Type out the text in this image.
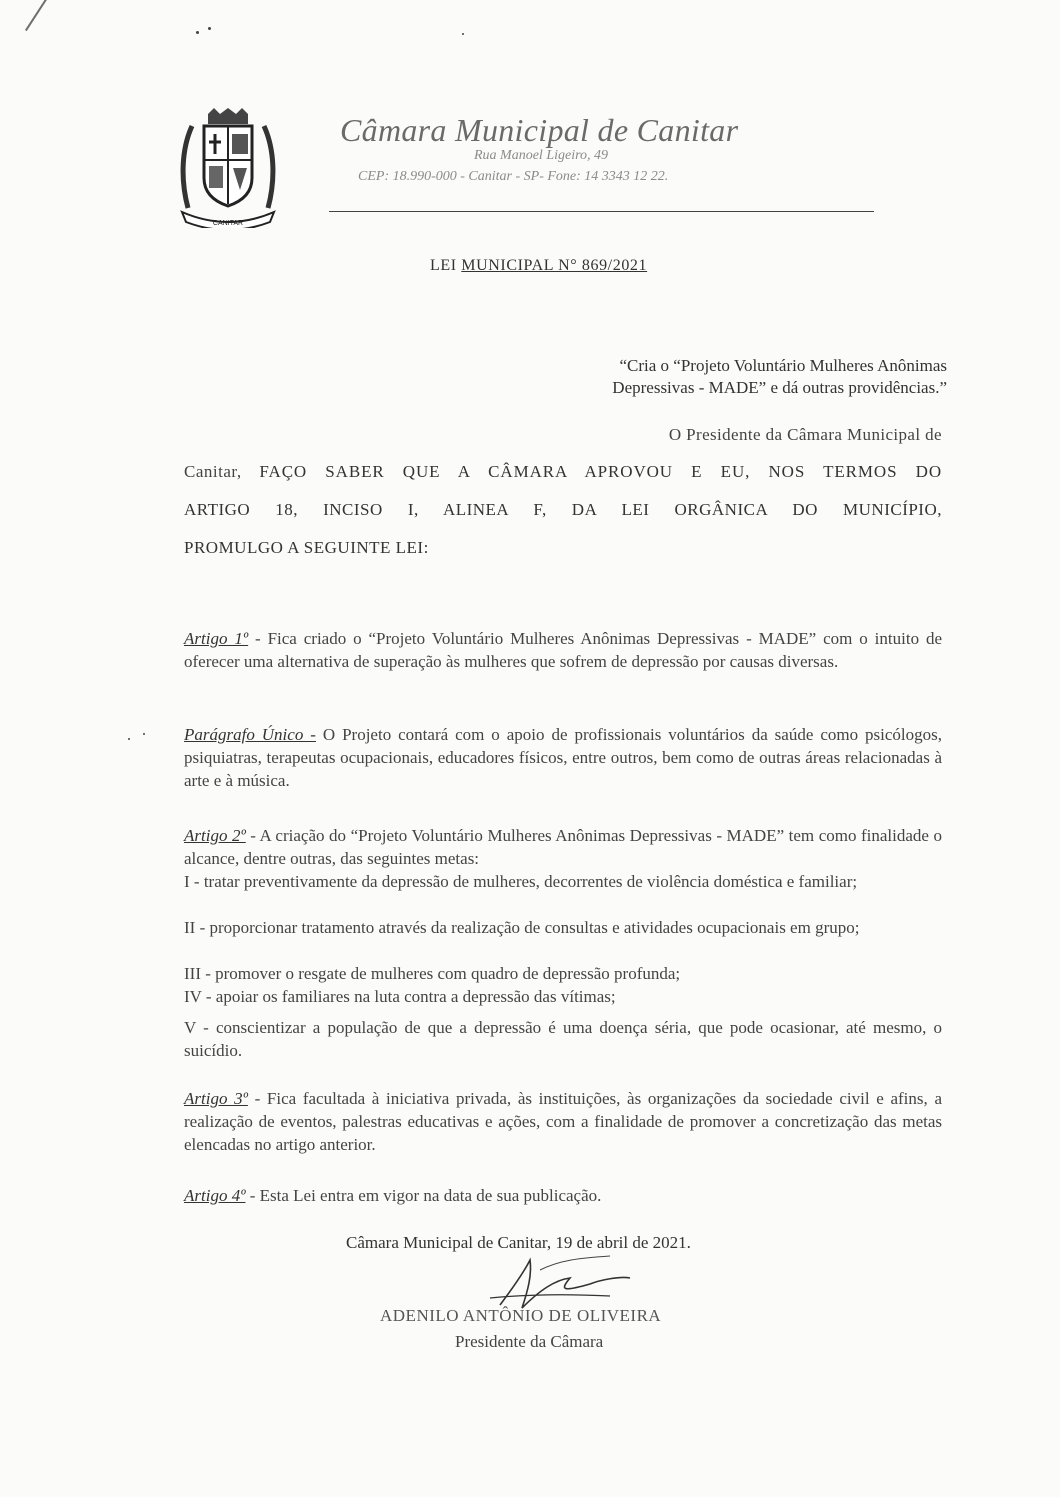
CANITAR
Câmara Municipal de Canitar
Rua Manoel Ligeiro, 49
CEP: 18.990-000 - Canitar - SP- Fone: 14 3343 12 22.
LEI MUNICIPAL N° 869/2021
“Cria o “Projeto Voluntário Mulheres Anônimas
Depressivas - MADE” e dá outras providências.”
O Presidente da Câmara Municipal de
Canitar, FAÇO SABER QUE A CÂMARA APROVOU E EU, NOS TERMOS DO
ARTIGO 18, INCISO I, ALINEA F, DA LEI ORGÂNICA DO MUNICÍPIO,
PROMULGO A SEGUINTE LEI:
Artigo 1º - Fica criado o “Projeto Voluntário Mulheres Anônimas Depressivas - MADE” com o intuito de oferecer uma alternativa de superação às mulheres que sofrem de depressão por causas diversas.
Parágrafo Único - O Projeto contará com o apoio de profissionais voluntários da saúde como psicólogos, psiquiatras, terapeutas ocupacionais, educadores físicos, entre outros, bem como de outras áreas relacionadas à arte e à música.
Artigo 2º - A criação do “Projeto Voluntário Mulheres Anônimas Depressivas - MADE” tem como finalidade o alcance, dentre outras, das seguintes metas:
I - tratar preventivamente da depressão de mulheres, decorrentes de violência doméstica e familiar;
II - proporcionar tratamento através da realização de consultas e atividades ocupacionais em grupo;
III - promover o resgate de mulheres com quadro de depressão profunda;
IV - apoiar os familiares na luta contra a depressão das vítimas;
V - conscientizar a população de que a depressão é uma doença séria, que pode ocasionar, até mesmo, o suicídio.
Artigo 3º - Fica facultada à iniciativa privada, às instituições, às organizações da sociedade civil e afins, a realização de eventos, palestras educativas e ações, com a finalidade de promover a concretização das metas elencadas no artigo anterior.
Artigo 4º - Esta Lei entra em vigor na data de sua publicação.
Câmara Municipal de Canitar, 19 de abril de 2021.
ADENILO ANTÔNIO DE OLIVEIRA
Presidente da Câmara
